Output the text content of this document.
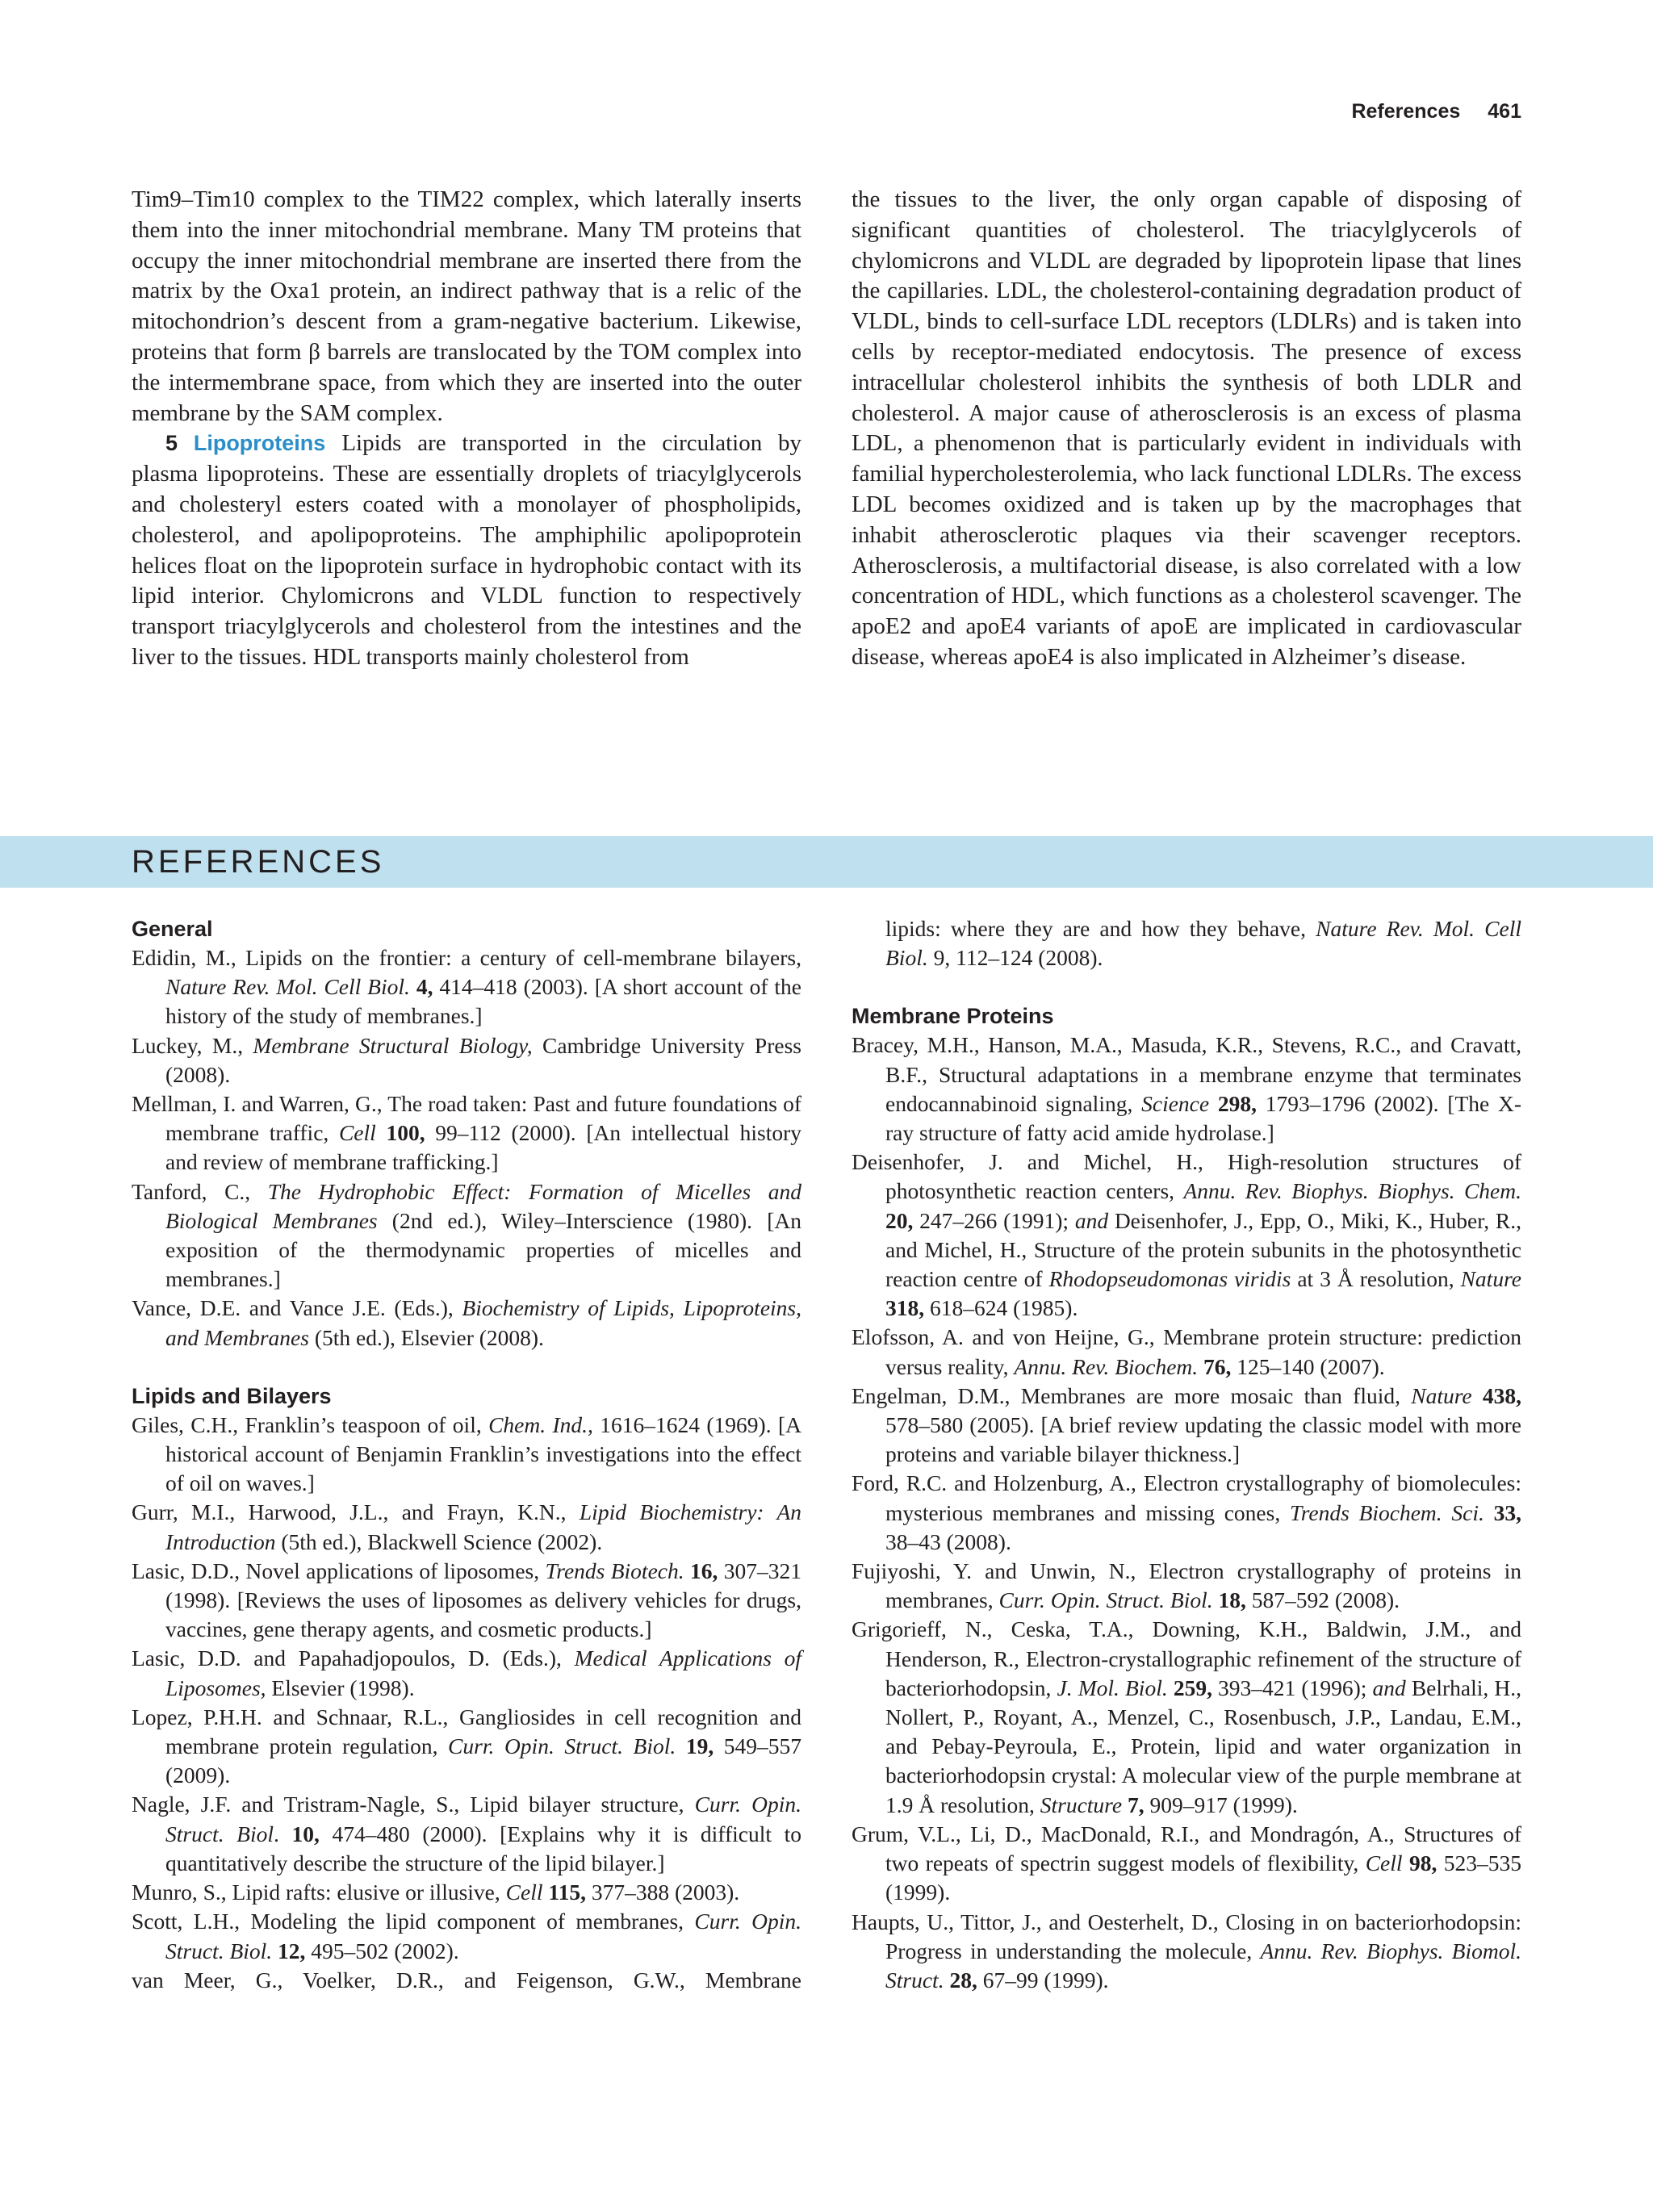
References 461

Tim9–Tim10 complex to the TIM22 complex, which laterally inserts them into the inner mitochondrial membrane. Many TM proteins that occupy the inner mitochondrial membrane are inserted there from the matrix by the Oxa1 protein, an indirect pathway that is a relic of the mitochondrion’s descent from a gram-negative bacterium. Likewise, proteins that form β barrels are translocated by the TOM complex into the intermembrane space, from which they are inserted into the outer membrane by the SAM complex.

5 Lipoproteins Lipids are transported in the circulation by plasma lipoproteins. These are essentially droplets of triacylglycerols and cholesteryl esters coated with a monolayer of phospholipids, cholesterol, and apolipoproteins. The amphiphilic apolipoprotein helices float on the lipoprotein surface in hydrophobic contact with its lipid interior. Chylomicrons and VLDL function to respectively transport triacylglycerols and cholesterol from the intestines and the liver to the tissues. HDL transports mainly cholesterol from

the tissues to the liver, the only organ capable of disposing of significant quantities of cholesterol. The triacylglycerols of chylomicrons and VLDL are degraded by lipoprotein lipase that lines the capillaries. LDL, the cholesterol-containing degradation product of VLDL, binds to cell-surface LDL receptors (LDLRs) and is taken into cells by receptor-mediated endocytosis. The presence of excess intracellular cholesterol inhibits the synthesis of both LDLR and cholesterol. A major cause of atherosclerosis is an excess of plasma LDL, a phenomenon that is particularly evident in individuals with familial hypercholesterolemia, who lack functional LDLRs. The excess LDL becomes oxidized and is taken up by the macrophages that inhabit atherosclerotic plaques via their scavenger receptors. Atherosclerosis, a multifactorial disease, is also correlated with a low concentration of HDL, which functions as a cholesterol scavenger. The apoE2 and apoE4 variants of apoE are implicated in cardiovascular disease, whereas apoE4 is also implicated in Alzheimer’s disease.

REFERENCES
General

Edidin, M., Lipids on the frontier: a century of cell-membrane bilayers, Nature Rev. Mol. Cell Biol. 4, 414–418 (2003). [A short account of the history of the study of membranes.]

Luckey, M., Membrane Structural Biology, Cambridge University Press (2008).

Mellman, I. and Warren, G., The road taken: Past and future foundations of membrane traffic, Cell 100, 99–112 (2000). [An intellectual history and review of membrane trafficking.]

Tanford, C., The Hydrophobic Effect: Formation of Micelles and Biological Membranes (2nd ed.), Wiley–Interscience (1980). [An exposition of the thermodynamic properties of micelles and membranes.]

Vance, D.E. and Vance J.E. (Eds.), Biochemistry of Lipids, Lipoproteins, and Membranes (5th ed.), Elsevier (2008).

Lipids and Bilayers

Giles, C.H., Franklin’s teaspoon of oil, Chem. Ind., 1616–1624 (1969). [A historical account of Benjamin Franklin’s investigations into the effect of oil on waves.]

Gurr, M.I., Harwood, J.L., and Frayn, K.N., Lipid Biochemistry: An Introduction (5th ed.), Blackwell Science (2002).

Lasic, D.D., Novel applications of liposomes, Trends Biotech. 16, 307–321 (1998). [Reviews the uses of liposomes as delivery vehicles for drugs, vaccines, gene therapy agents, and cosmetic products.]

Lasic, D.D. and Papahadjopoulos, D. (Eds.), Medical Applications of Liposomes, Elsevier (1998).

Lopez, P.H.H. and Schnaar, R.L., Gangliosides in cell recognition and membrane protein regulation, Curr. Opin. Struct. Biol. 19, 549–557 (2009).

Nagle, J.F. and Tristram-Nagle, S., Lipid bilayer structure, Curr. Opin. Struct. Biol. 10, 474–480 (2000). [Explains why it is difficult to quantitatively describe the structure of the lipid bilayer.]

Munro, S., Lipid rafts: elusive or illusive, Cell 115, 377–388 (2003).

Scott, L.H., Modeling the lipid component of membranes, Curr. Opin. Struct. Biol. 12, 495–502 (2002).

van Meer, G., Voelker, D.R., and Feigenson, G.W., Membrane

lipids: where they are and how they behave, Nature Rev. Mol. Cell Biol. 9, 112–124 (2008).

Membrane Proteins

Bracey, M.H., Hanson, M.A., Masuda, K.R., Stevens, R.C., and Cravatt, B.F., Structural adaptations in a membrane enzyme that terminates endocannabinoid signaling, Science 298, 1793–1796 (2002). [The X-ray structure of fatty acid amide hydrolase.]

Deisenhofer, J. and Michel, H., High-resolution structures of photosynthetic reaction centers, Annu. Rev. Biophys. Biophys. Chem. 20, 247–266 (1991); and Deisenhofer, J., Epp, O., Miki, K., Huber, R., and Michel, H., Structure of the protein subunits in the photosynthetic reaction centre of Rhodopseudomonas viridis at 3 Å resolution, Nature 318, 618–624 (1985).

Elofsson, A. and von Heijne, G., Membrane protein structure: prediction versus reality, Annu. Rev. Biochem. 76, 125–140 (2007).

Engelman, D.M., Membranes are more mosaic than fluid, Nature 438, 578–580 (2005). [A brief review updating the classic model with more proteins and variable bilayer thickness.]

Ford, R.C. and Holzenburg, A., Electron crystallography of biomolecules: mysterious membranes and missing cones, Trends Biochem. Sci. 33, 38–43 (2008).

Fujiyoshi, Y. and Unwin, N., Electron crystallography of proteins in membranes, Curr. Opin. Struct. Biol. 18, 587–592 (2008).

Grigorieff, N., Ceska, T.A., Downing, K.H., Baldwin, J.M., and Henderson, R., Electron-crystallographic refinement of the structure of bacteriorhodopsin, J. Mol. Biol. 259, 393–421 (1996); and Belrhali, H., Nollert, P., Royant, A., Menzel, C., Rosenbusch, J.P., Landau, E.M., and Pebay-Peyroula, E., Protein, lipid and water organization in bacteriorhodopsin crystal: A molecular view of the purple membrane at 1.9 Å resolution, Structure 7, 909–917 (1999).

Grum, V.L., Li, D., MacDonald, R.I., and Mondragón, A., Structures of two repeats of spectrin suggest models of flexibility, Cell 98, 523–535 (1999).

Haupts, U., Tittor, J., and Oesterhelt, D., Closing in on bacteriorhodopsin: Progress in understanding the molecule, Annu. Rev. Biophys. Biomol. Struct. 28, 67–99 (1999).
